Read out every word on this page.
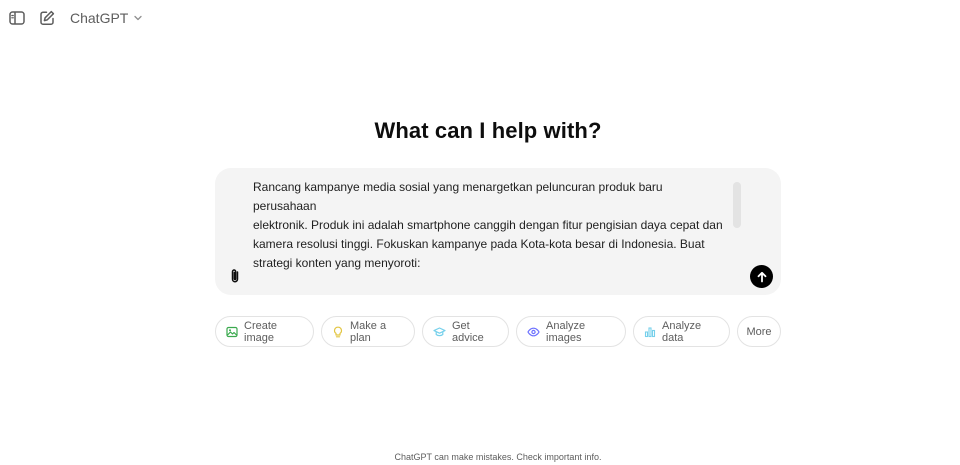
ChatGPT
What can I help with?

Rancang kampanye media sosial yang menargetkan peluncuran produk baru perusahaan

elektronik. Produk ini adalah smartphone canggih dengan fitur pengisian daya cepat dan

kamera resolusi tinggi. Fokuskan kampanye pada Kota-kota besar di Indonesia. Buat

strategi konten yang menyoroti:

Create image
Make a plan
Get advice
Analyze images
Analyze data	More
ChatGPT can make mistakes. Check important info.
